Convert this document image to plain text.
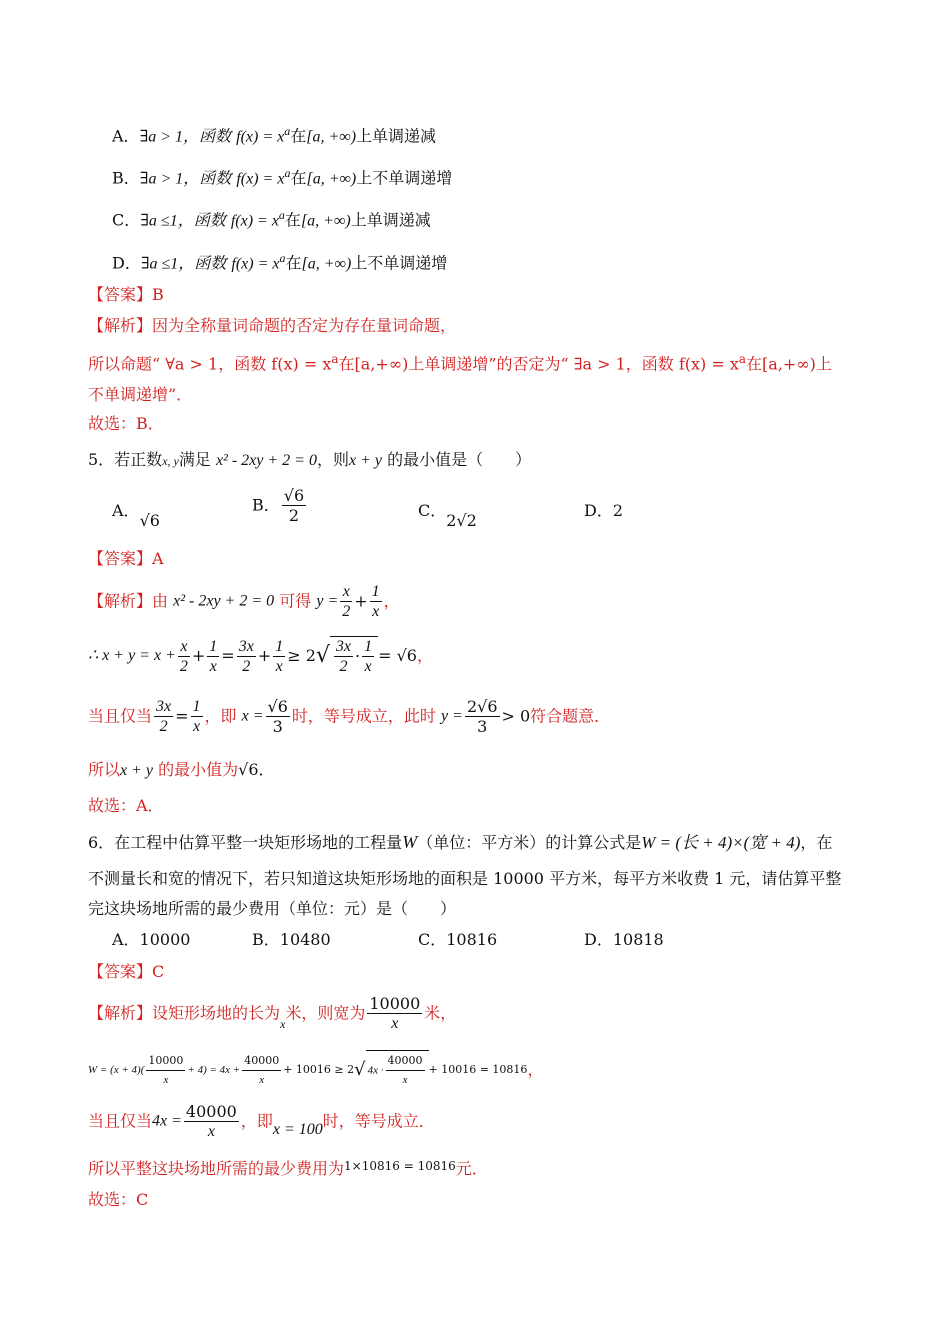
A．∃a > 1，函数 $f(x) = x^a$在[a, +∞)上单调递减
B．∃a > 1，函数 $f(x) = x^a$在[a, +∞)上不单调递增
C．∃a ≤1，函数 $f(x) = x^a$在[a, +∞)上单调递减
D．∃a ≤1，函数 $f(x) = x^a$在[a, +∞)上不单调递增
【答案】B
【解析】因为全称量词命题的否定为存在量词命题，
所以命题“ ∀a > 1，函数 $f(x) = x^a$在[a,+∞)上单调递增”的否定为“ ∃a > 1，函数 $f(x) = x^a$在[a,+∞)上
不单调递增”．
故选：B．
5．若正数x, y满足 x² - 2xy + 2 = 0，则x + y 的最小值是（　　）
A．√6
B． $\frac{√6}{2}$	C．2√2
D．2
【答案】A
【解析】由 x² - 2xy + 2 = 0 可得 $y = \frac{x}{2} + \frac{1}{x}$ ，
∴ $x + y = x + \frac{x}{2} + \frac{1}{x} = \frac{3x}{2} + \frac{1}{x} \ge 2√ \frac{3x}{2} \cdot \frac{1}{x} = √6$，
当且仅当 $\frac{3x}{2} = \frac{1}{x}$ ，即 $x = \frac{√6}{3}$ 时，等号成立，此时 $y = \frac{2√6}{3} > 0$符合题意．
所以x + y 的最小值为√6．
故选：A．
6．在工程中估算平整一块矩形场地的工程量W（单位：平方米）的计算公式是W = (长 + 4)×(宽 + 4)，在
不测量长和宽的情况下，若只知道这块矩形场地的面积是 10000 平方米，每平方米收费 1 元，请估算平整
完这块场地所需的最少费用（单位：元）是（　　）
A．10000	B．10480	C．10816	D．10818
【答案】C
【解析】设矩形场地的长为$_x$米，则宽为 $\frac{10000}{x}$ 米，
$W = (x + 4)( \frac{10000}{x} + 4) = 4x + \frac{40000}{x} + 10016 \ge 2√$ $4x \cdot \frac{40000}{x} + 10016 = 10816$，
当且仅当$4x = \frac{40000}{x}$ ，即x = 100时，等号成立．
所以平整这块场地所需的最少费用为$^{1\times 10816 = 10816}$元．
故选：C
